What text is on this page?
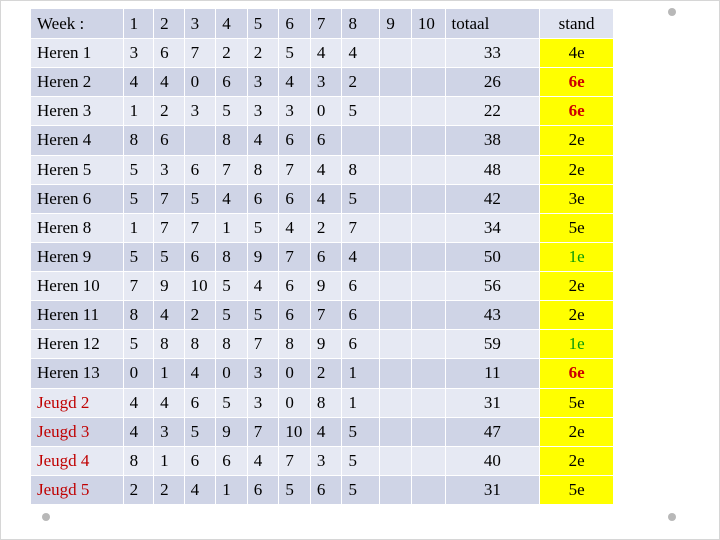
Week :	1	2	3	4	5	6	7	8	9	10	totaal	stand
Heren 1	3	6	7	2	2	5	4	4			33	4e
Heren 2	4	4	0	6	3	4	3	2			26	6e
Heren 3	1	2	3	5	3	3	0	5			22	6e
Heren 4	8	6		8	4	6	6				38	2e
Heren 5	5	3	6	7	8	7	4	8			48	2e
Heren 6	5	7	5	4	6	6	4	5			42	3e
Heren 8	1	7	7	1	5	4	2	7			34	5e
Heren 9	5	5	6	8	9	7	6	4			50	1e
Heren 10	7	9	10	5	4	6	9	6			56	2e
Heren 11	8	4	2	5	5	6	7	6			43	2e
Heren 12	5	8	8	8	7	8	9	6			59	1e
Heren 13	0	1	4	0	3	0	2	1			11	6e
Jeugd 2	4	4	6	5	3	0	8	1			31	5e
Jeugd 3	4	3	5	9	7	10	4	5			47	2e
Jeugd 4	8	1	6	6	4	7	3	5			40	2e
Jeugd 5	2	2	4	1	6	5	6	5			31	5e
